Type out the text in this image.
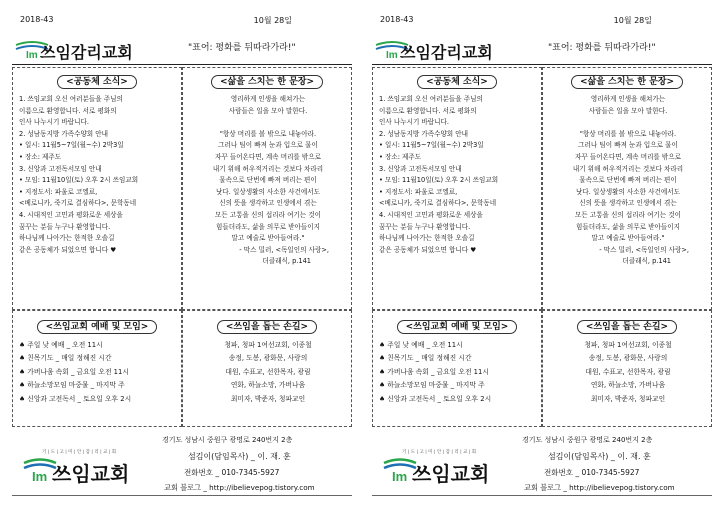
2018-43	10월 28일
Im 쓰임감리교회	"표어: 평화를 뒤따라가라!"
<공동체 소식>

1. 쓰임교회 오신 여러분들을 주님의

이름으로 환영합니다. 서로 평화의

인사 나누시기 바랍니다.

2. 성남동지방 가족수양회 안내

• 일시: 11월5~7일(월~수) 2박3일

• 장소: 제주도

3. 신앙과 고전독서모임 안내

• 모임: 11월10일(토) 오후 2시 쓰임교회

• 지정도서: 파울로 코엘료,

<베로니카, 죽기로 결심하다>, 문학동네

4. 시대적인 고민과 평화로운 세상을

꿈꾸는 분들 누구나 환영합니다.

하나님께 나아가는 한적한 오솔길

같은 공동체가 되었으면 합니다 ♥

<삶을 스치는 한 문장>

영리하게 인생을 해쳐가는

사람들은 일을 모아 말한다.

"항상 머리를 볼 밖으로 내놓아라.

그러나 팀이 빠져 눈과 입으로 물이

자꾸 들어온다면, 계속 머리를 밖으로

내기 위해 허우적거리는 것보다 차라리

물속으로 단번에 빠져 버리는 편이

낫다. 일상생활의 사소한 사건에서도

신의 뜻을 생각하고 인생에서 겪는

모든 고통을 신의 섭리라 여기는 것이

힘들더라도, 삶을 의무로 받아들이지

말고 예술로 받아들여라."

- 막스 밀러, <독일인의 사랑>,

더클래식, p.141

<쓰임교회 예배 및 모임>

♠ 주일 낮 예배 _ 오전 11시

♠ 친목기도 _ 매일 정해진 시간

♠ 가버나움 속회 _ 금요일 오전 11시

♠ 하늘소망모임 마중물 _ 마지막 주

♠ 신앙과 고전독서 _ 토요일 오후 2시

<쓰임을 돕는 손길>

청파, 청파 1여선교회, 이종철

송정, 도봉, 광화문, 사랑의

대원, 수표교, 선한목자, 광림

연화, 하늘소망, 가버나움

최미자, 박준자, 청파교인

경기도 성남시 중원구 광명로 240번지 2층
기 | 도 | 고 | 미 | 안 | 감 | 리 | 교 | 회
Im 쓰임교회
섬김이(담임목사) _ 이. 재. 훈
전화번호 _ 010-7345-5927
교회 블로그 _ http://ibelievepog.tistory.com
2018-43	10월 28일
Im 쓰임감리교회	"표어: 평화를 뒤따라가라!"
<공동체 소식>

1. 쓰임교회 오신 여러분들을 주님의

이름으로 환영합니다. 서로 평화의

인사 나누시기 바랍니다.

2. 성남동지방 가족수양회 안내

• 일시: 11월5~7일(월~수) 2박3일

• 장소: 제주도

3. 신앙과 고전독서모임 안내

• 모임: 11월10일(토) 오후 2시 쓰임교회

• 지정도서: 파울로 코엘료,

<베로니카, 죽기로 결심하다>, 문학동네

4. 시대적인 고민과 평화로운 세상을

꿈꾸는 분들 누구나 환영합니다.

하나님께 나아가는 한적한 오솔길

같은 공동체가 되었으면 합니다 ♥

<삶을 스치는 한 문장>

영리하게 인생을 해쳐가는

사람들은 일을 모아 말한다.

"항상 머리를 볼 밖으로 내놓아라.

그러나 팀이 빠져 눈과 입으로 물이

자꾸 들어온다면, 계속 머리를 밖으로

내기 위해 허우적거리는 것보다 차라리

물속으로 단번에 빠져 버리는 편이

낫다. 일상생활의 사소한 사건에서도

신의 뜻을 생각하고 인생에서 겪는

모든 고통을 신의 섭리라 여기는 것이

힘들더라도, 삶을 의무로 받아들이지

말고 예술로 받아들여라."

- 막스 밀러, <독일인의 사랑>,

더클래식, p.141

<쓰임교회 예배 및 모임>

♠ 주일 낮 예배 _ 오전 11시

♠ 친목기도 _ 매일 정해진 시간

♠ 가버나움 속회 _ 금요일 오전 11시

♠ 하늘소망모임 마중물 _ 마지막 주

♠ 신앙과 고전독서 _ 토요일 오후 2시

<쓰임을 돕는 손길>

청파, 청파 1여선교회, 이종철

송정, 도봉, 광화문, 사랑의

대원, 수표교, 선한목자, 광림

연화, 하늘소망, 가버나움

최미자, 박준자, 청파교인

경기도 성남시 중원구 광명로 240번지 2층
기 | 도 | 고 | 미 | 안 | 감 | 리 | 교 | 회
Im 쓰임교회
섬김이(담임목사) _ 이. 재. 훈
전화번호 _ 010-7345-5927
교회 블로그 _ http://ibelievepog.tistory.com
